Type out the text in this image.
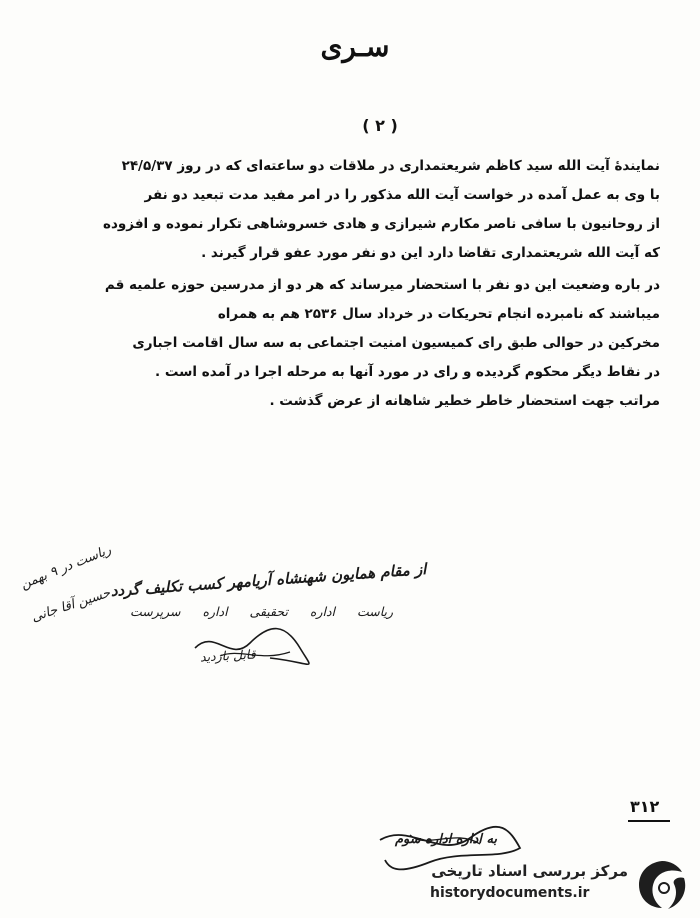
سـری
( ۲ )
نمایندهٔ آیت الله سید کاظم شریعتمداری در ملاقات دو ساعته‌ای که در روز ۲۴/۵/۳۷
با وی به عمل آمده در خواست آیت الله مذکور را در امر مفید مدت تبعید دو نفر
از روحانیون با سافی ناصر مکارم شیرازی و هادی خسروشاهی تکرار نموده و افزوده
که آیت الله شریعتمداری تقاضا دارد این دو نفر مورد عفو قرار گیرند .
در باره وضعیت این دو نفر با استحضار میرساند که هر دو از مدرسین حوزه علمیه قم
میباشند که نامبرده انجام تحریکات در خرداد سال ۲۵۳۶ هم به همراه
مخرکین در حوالی طبق رای کمیسیون امنیت اجتماعی به سه سال اقامت اجباری
در نقاط دیگر محکوم گردیده و رای در مورد آنها به مرحله اجرا در آمده است .
مراتب جهت استحضار خاطر خطیر شاهانه از عرض گذشت .
از مقام همایون شهنشاه آریامهر کسب تکلیف گردد
ریاست در ۹ بهمن
حسین آقا جانی ریاست اداره تحقیقی اداره سرپرست
قابل بازدید
۳۱۲
به اداره اداره سوم
مرکز بررسی اسناد تاریخی
historydocuments.ir
